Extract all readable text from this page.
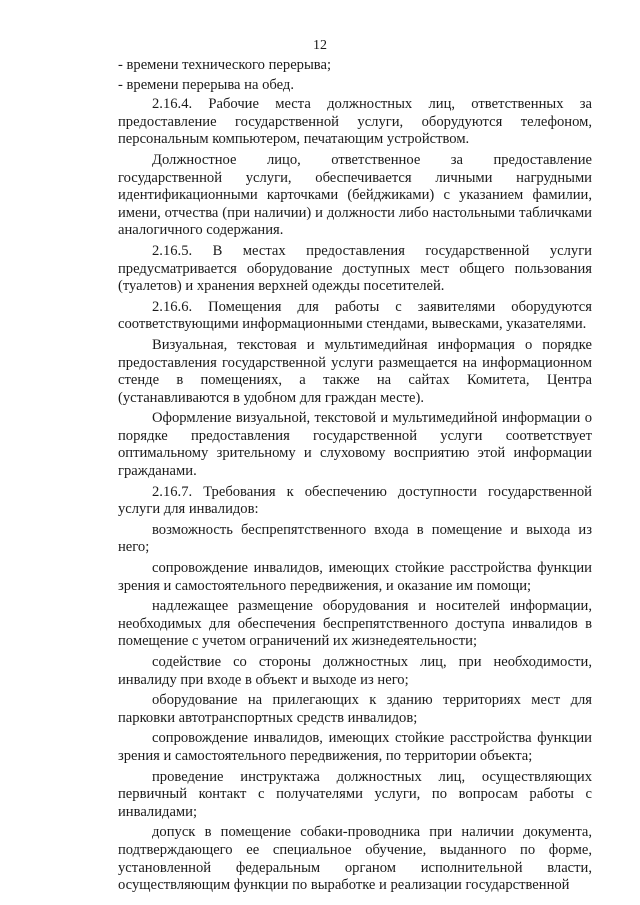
12

- времени технического перерыва;

- времени перерыва на обед.

2.16.4. Рабочие места должностных лиц, ответственных за предоставление государственной услуги, оборудуются телефоном, персональным компьютером, печатающим устройством.

Должностное лицо, ответственное за предоставление государственной услуги, обеспечивается личными нагрудными идентификационными карточками (бейджиками) с указанием фамилии, имени, отчества (при наличии) и должности либо настольными табличками аналогичного содержания.

2.16.5. В местах предоставления государственной услуги предусматривается оборудование доступных мест общего пользования (туалетов) и хранения верхней одежды посетителей.

2.16.6. Помещения для работы с заявителями оборудуются соответствующими информационными стендами, вывесками, указателями.

Визуальная, текстовая и мультимедийная информация о порядке предоставления государственной услуги размещается на информационном стенде в помещениях, а также на сайтах Комитета, Центра (устанавливаются в удобном для граждан месте).

Оформление визуальной, текстовой и мультимедийной информации о порядке предоставления государственной услуги соответствует оптимальному зрительному и слуховому восприятию этой информации гражданами.

2.16.7. Требования к обеспечению доступности государственной услуги для инвалидов:

возможность беспрепятственного входа в помещение и выхода из него;

сопровождение инвалидов, имеющих стойкие расстройства функции зрения и самостоятельного передвижения, и оказание им помощи;

надлежащее размещение оборудования и носителей информации, необходимых для обеспечения беспрепятственного доступа инвалидов в помещение с учетом ограничений их жизнедеятельности;

содействие со стороны должностных лиц, при необходимости, инвалиду при входе в объект и выходе из него;

оборудование на прилегающих к зданию территориях мест для парковки автотранспортных средств инвалидов;

сопровождение инвалидов, имеющих стойкие расстройства функции зрения и самостоятельного передвижения, по территории объекта;

проведение инструктажа должностных лиц, осуществляющих первичный контакт с получателями услуги, по вопросам работы с инвалидами;

допуск в помещение собаки-проводника при наличии документа, подтверждающего ее специальное обучение, выданного по форме, установленной федеральным органом исполнительной власти, осуществляющим функции по выработке и реализации государственной
